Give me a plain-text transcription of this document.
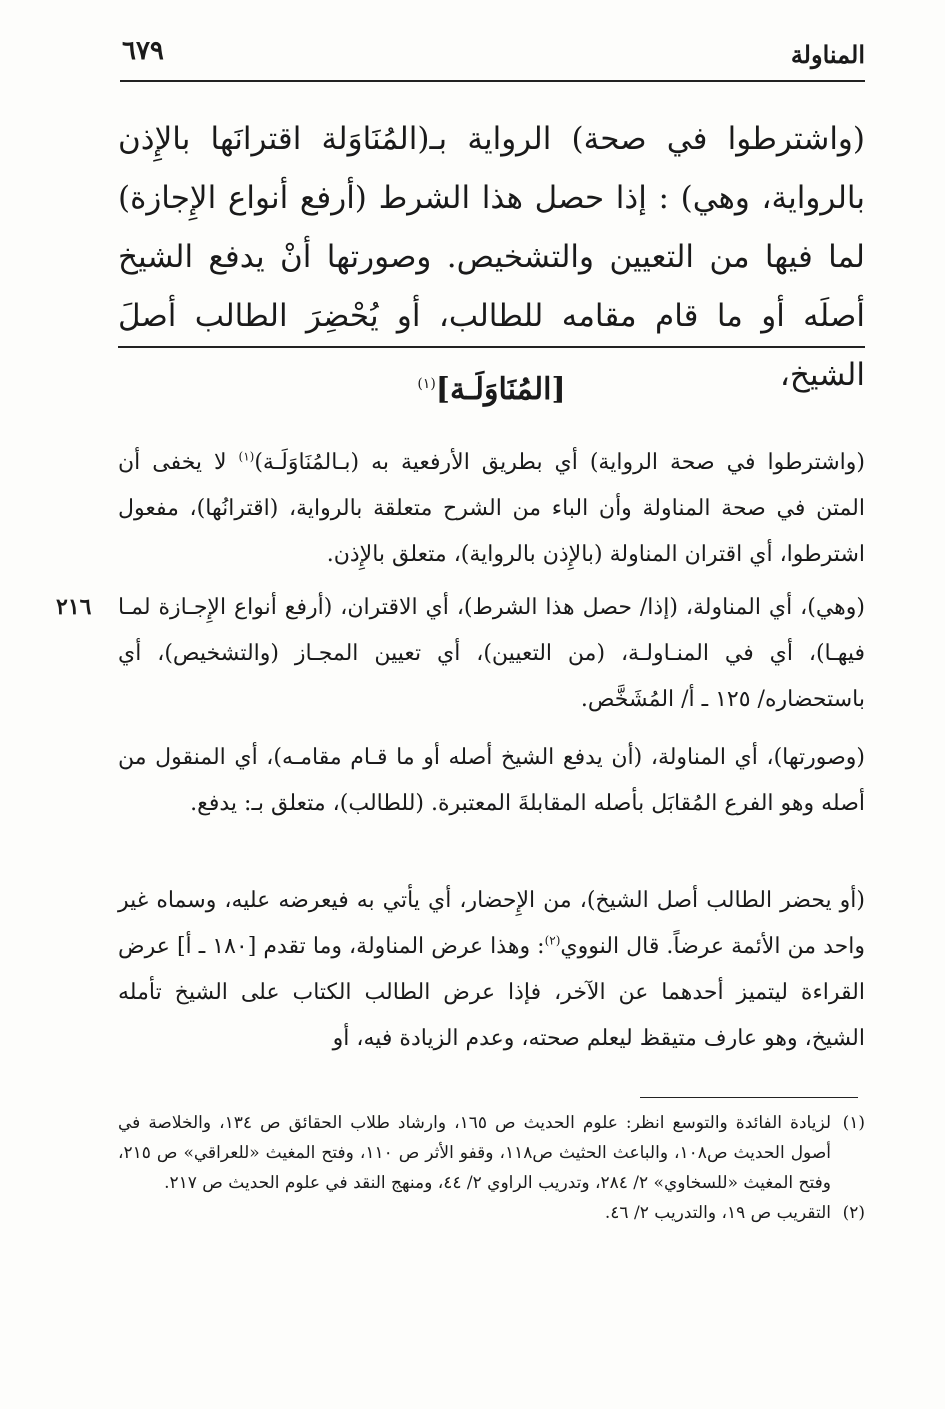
المناولة
٦٧٩
(واشترطوا في صحة) الرواية بـ(المُنَاوَلة اقترانَها بالإِذن بالرواية، وهي) : إذا حصل هذا الشرط (أرفع أنواع الإِجازة) لما فيها من التعيين والتشخيص. وصورتها أنْ يدفع الشيخ أصلَه أو ما قام مقامه للطالب، أو يُحْضِرَ الطالب أصلَ الشيخ،
[المُنَاوَلَـة]$^{(١)}$
(واشترطوا في صحة الرواية) أي بطريق الأرفعية به (بـالمُنَاوَلَـة)$^{(١)}$ لا يخفى أن المتن في صحة المناولة وأن الباء من الشرح متعلقة بالرواية، (اقترانُها)، مفعول اشترطوا، أي اقتران المناولة (بالإِذن بالرواية)، متعلق بالإِذن.
٢١٦ (وهي)، أي المناولة، (إذا/ حصل هذا الشرط)، أي الاقتران، (أرفع أنواع الإِجـازة لمـا فيهـا)، أي في المنـاولـة، (من التعيين)، أي تعيين المجـاز (والتشخيص)، أي باستحضاره/ ١٢٥ ـ أ/ المُشَخَّص.
(وصورتها)، أي المناولة، (أن يدفع الشيخ أصله أو ما قـام مقامـه)، أي المنقول من أصله وهو الفرع المُقابَل بأصله المقابلةَ المعتبرة. (للطالب)، متعلق بـ: يدفع.
(أو يحضر الطالب أصل الشيخ)، من الإِحضار، أي يأتي به فيعرضه عليه، وسماه غير واحد من الأئمة عرضاً. قال النووي$^{(٢)}$: وهذا عرض المناولة، وما تقدم [١٨٠ ـ أ] عرض القراءة ليتميز أحدهما عن الآخر، فإذا عرض الطالب الكتاب على الشيخ تأمله الشيخ، وهو عارف متيقظ ليعلم صحته، وعدم الزيادة فيه، أو
(١)
لزيادة الفائدة والتوسع انظر: علوم الحديث ص ١٦٥، وارشاد طلاب الحقائق ص ١٣٤، والخلاصة في أصول الحديث ص١٠٨، والباعث الحثيث ص١١٨، وقفو الأثر ص ١١٠، وفتح المغيث «للعراقي» ص ٢١٥، وفتح المغيث «للسخاوي» ٢/ ٢٨٤، وتدريب الراوي ٢/ ٤٤، ومنهج النقد في علوم الحديث ص ٢١٧.
(٢)
التقريب ص ١٩، والتدريب ٢/ ٤٦.
